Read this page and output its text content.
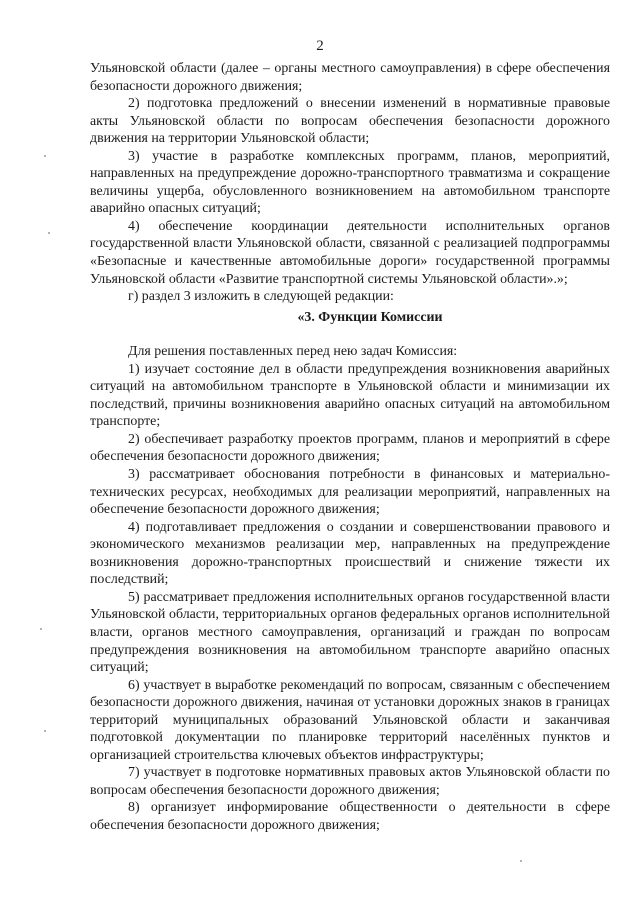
2

Ульяновской области (далее – органы местного самоуправления) в сфере обеспечения безопасности дорожного движения;

2) подготовка предложений о внесении изменений в нормативные правовые акты Ульяновской области по вопросам обеспечения безопасности дорожного движения на территории Ульяновской области;

3) участие в разработке комплексных программ, планов, мероприятий, направленных на предупреждение дорожно-транспортного травматизма и сокращение величины ущерба, обусловленного возникновением на автомобильном транспорте аварийно опасных ситуаций;

4) обеспечение координации деятельности исполнительных органов государственной власти Ульяновской области, связанной с реализацией подпрограммы «Безопасные и качественные автомобильные дороги» государственной программы Ульяновской области «Развитие транспортной системы Ульяновской области».»;

г) раздел 3 изложить в следующей редакции:

«3. Функции Комиссии

Для решения поставленных перед нею задач Комиссия:

1) изучает состояние дел в области предупреждения возникновения аварийных ситуаций на автомобильном транспорте в Ульяновской области и минимизации их последствий, причины возникновения аварийно опасных ситуаций на автомобильном транспорте;

2) обеспечивает разработку проектов программ, планов и мероприятий в сфере обеспечения безопасности дорожного движения;

3) рассматривает обоснования потребности в финансовых и материально-технических ресурсах, необходимых для реализации мероприятий, направленных на обеспечение безопасности дорожного движения;

4) подготавливает предложения о создании и совершенствовании правового и экономического механизмов реализации мер, направленных на предупреждение возникновения дорожно-транспортных происшествий и снижение тяжести их последствий;

5) рассматривает предложения исполнительных органов государственной власти Ульяновской области, территориальных органов федеральных органов исполнительной власти, органов местного самоуправления, организаций и граждан по вопросам предупреждения возникновения на автомобильном транспорте аварийно опасных ситуаций;

6) участвует в выработке рекомендаций по вопросам, связанным с обеспечением безопасности дорожного движения, начиная от установки дорожных знаков в границах территорий муниципальных образований Ульяновской области и заканчивая подготовкой документации по планировке территорий населённых пунктов и организацией строительства ключевых объектов инфраструктуры;

7) участвует в подготовке нормативных правовых актов Ульяновской области по вопросам обеспечения безопасности дорожного движения;

8) организует информирование общественности о деятельности в сфере обеспечения безопасности дорожного движения;
